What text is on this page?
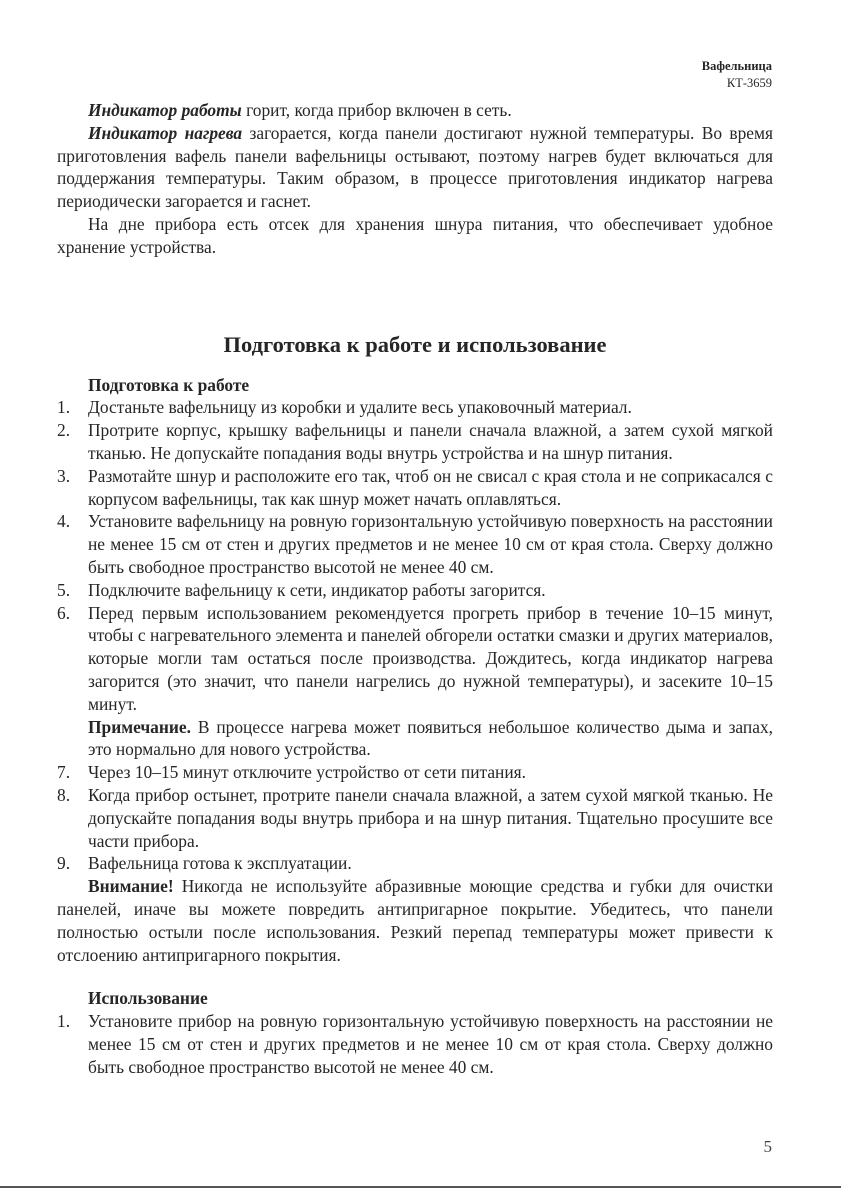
Вафельница
КТ-3659

Индикатор работы горит, когда прибор включен в сеть.

Индикатор нагрева загорается, когда панели достигают нужной температуры. Во время приготовления вафель панели вафельницы остывают, поэтому нагрев будет включаться для поддержания температуры. Таким образом, в процессе приготовления индикатор нагрева периодически загорается и гаснет.

На дне прибора есть отсек для хранения шнура питания, что обеспечивает удобное хранение устройства.

Подготовка к работе и использование
Подготовка к работе
1. Достаньте вафельницу из коробки и удалите весь упаковочный материал.
2. Протрите корпус, крышку вафельницы и панели сначала влажной, а затем сухой мягкой тканью. Не допускайте попадания воды внутрь устройства и на шнур питания.
3. Размотайте шнур и расположите его так, чтоб он не свисал с края стола и не соприкасался с корпусом вафельницы, так как шнур может начать оплавляться.
4. Установите вафельницу на ровную горизонтальную устойчивую поверхность на расстоянии не менее 15 см от стен и других предметов и не менее 10 см от края стола. Сверху должно быть свободное пространство высотой не менее 40 см.
5. Подключите вафельницу к сети, индикатор работы загорится.
6. Перед первым использованием рекомендуется прогреть прибор в течение 10–15 минут, чтобы с нагревательного элемента и панелей обгорели остатки смазки и других материалов, которые могли там остаться после производства. Дождитесь, когда индикатор нагрева загорится (это значит, что панели нагрелись до нужной температуры), и засеките 10–15 минут.

Примечание. В процессе нагрева может появиться небольшое количество дыма и запах, это нормально для нового устройства.

7. Через 10–15 минут отключите устройство от сети питания.
8. Когда прибор остынет, протрите панели сначала влажной, а затем сухой мягкой тканью. Не допускайте попадания воды внутрь прибора и на шнур питания. Тщательно просушите все части прибора.
9. Вафельница готова к эксплуатации.

Внимание! Никогда не используйте абразивные моющие средства и губки для очистки панелей, иначе вы можете повредить антипригарное покрытие. Убедитесь, что панели полностью остыли после использования. Резкий перепад температуры может привести к отслоению антипригарного покрытия.

Использование
1. Установите прибор на ровную горизонтальную устойчивую поверхность на расстоянии не менее 15 см от стен и других предметов и не менее 10 см от края стола. Сверху должно быть свободное пространство высотой не менее 40 см.
5
